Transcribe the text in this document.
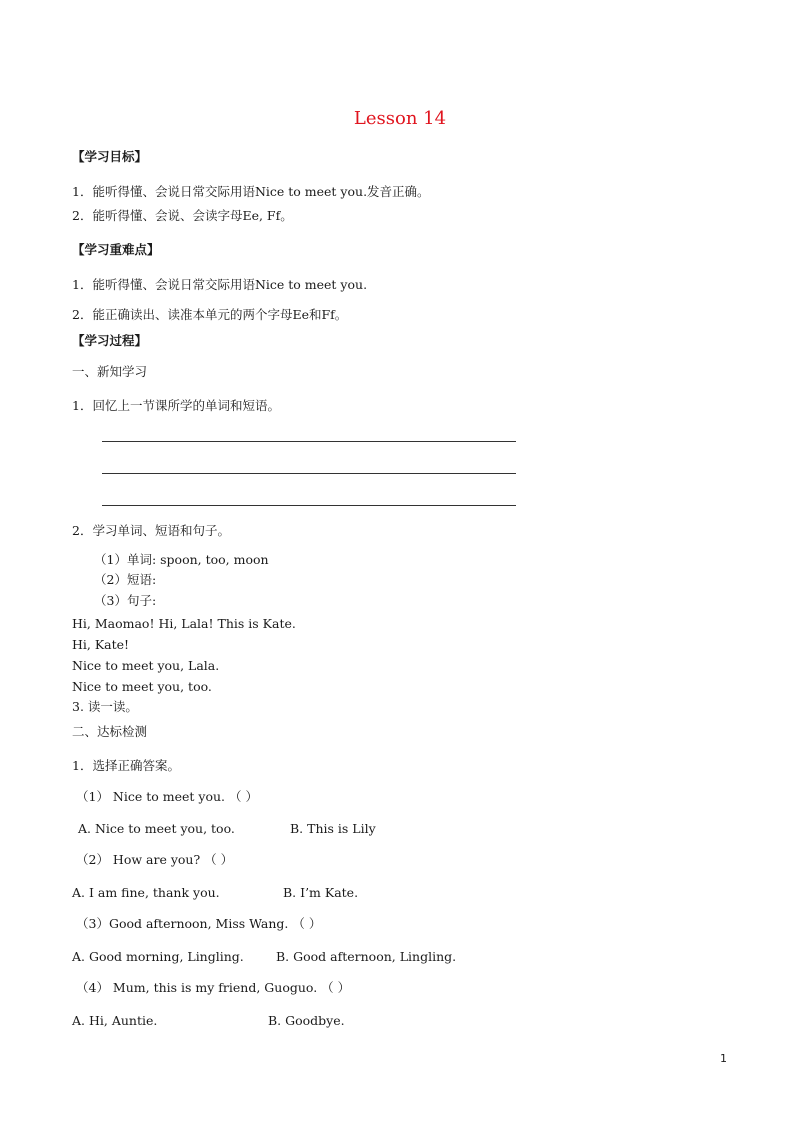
Lesson 14
【学习目标】
1．能听得懂、会说日常交际用语Nice to meet you.发音正确。
2．能听得懂、会说、会读字母Ee, Ff。
【学习重难点】
1．能听得懂、会说日常交际用语Nice to meet you.
2．能正确读出、读准本单元的两个字母Ee和Ff。
【学习过程】
一、新知学习
1．回忆上一节课所学的单词和短语。
2．学习单词、短语和句子。
（1）单词: spoon, too, moon
（2）短语:
（3）句子:
Hi, Maomao! Hi, Lala! This is Kate.
Hi, Kate!
Nice to meet you, Lala.
Nice to meet you, too.
3. 读一读。
二、达标检测
1．选择正确答案。
（1） Nice to meet you. （ ）
A. Nice to meet you, too.	B. This is Lily
（2） How are you? （ ）
A. I am fine, thank you.	B. I’m Kate.
（3）Good afternoon, Miss Wang. （ ）
A. Good morning, Lingling.	B. Good afternoon, Lingling.
（4） Mum, this is my friend, Guoguo. （ ）
A. Hi, Auntie.	B. Goodbye.
1
